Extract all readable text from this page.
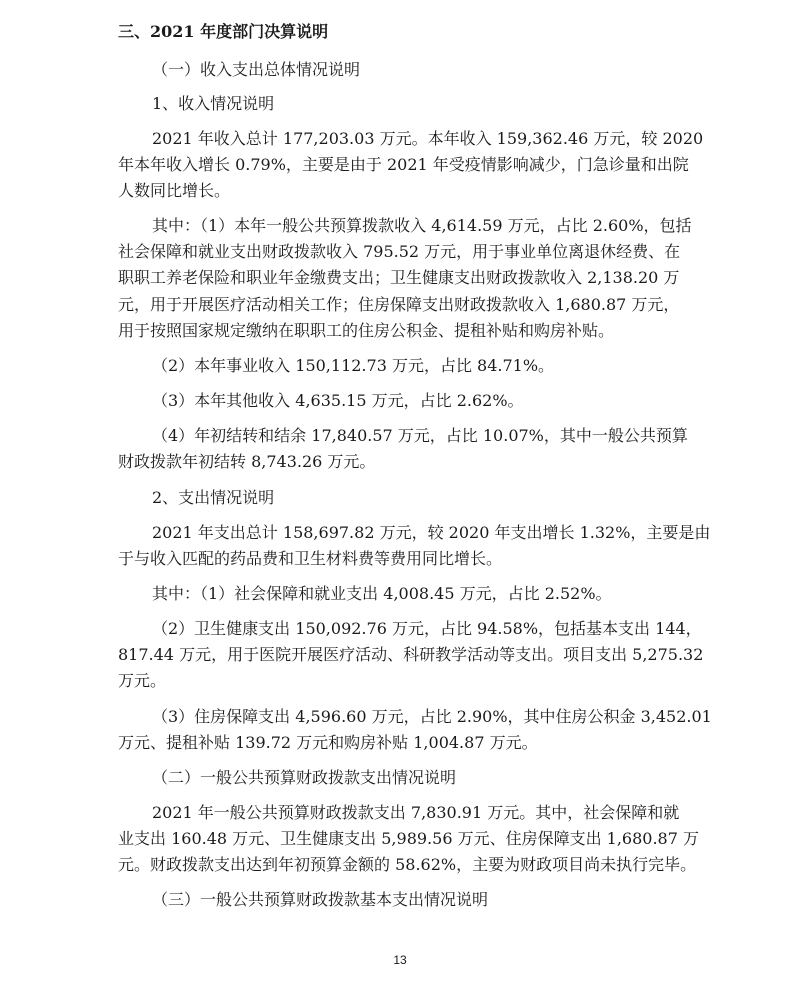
三、2021 年度部门决算说明

（一）收入支出总体情况说明

1、收入情况说明

2021 年收入总计 177,203.03 万元。本年收入 159,362.46 万元，较 2020

年本年收入增长 0.79%，主要是由于 2021 年受疫情影响减少，门急诊量和出院

人数同比增长。

其中：（1）本年一般公共预算拨款收入 4,614.59 万元，占比 2.60%，包括

社会保障和就业支出财政拨款收入 795.52 万元，用于事业单位离退休经费、在

职职工养老保险和职业年金缴费支出；卫生健康支出财政拨款收入 2,138.20 万

元，用于开展医疗活动相关工作；住房保障支出财政拨款收入 1,680.87 万元，

用于按照国家规定缴纳在职职工的住房公积金、提租补贴和购房补贴。

（2）本年事业收入 150,112.73 万元，占比 84.71%。

（3）本年其他收入 4,635.15 万元，占比 2.62%。

（4）年初结转和结余 17,840.57 万元，占比 10.07%，其中一般公共预算

财政拨款年初结转 8,743.26 万元。

2、支出情况说明

2021 年支出总计 158,697.82 万元，较 2020 年支出增长 1.32%，主要是由

于与收入匹配的药品费和卫生材料费等费用同比增长。

其中：（1）社会保障和就业支出 4,008.45 万元，占比 2.52%。

（2）卫生健康支出 150,092.76 万元，占比 94.58%，包括基本支出 144，

817.44 万元，用于医院开展医疗活动、科研教学活动等支出。项目支出 5,275.32

万元。

（3）住房保障支出 4,596.60 万元，占比 2.90%，其中住房公积金 3,452.01

万元、提租补贴 139.72 万元和购房补贴 1,004.87 万元。

（二）一般公共预算财政拨款支出情况说明

2021 年一般公共预算财政拨款支出 7,830.91 万元。其中，社会保障和就

业支出 160.48 万元、卫生健康支出 5,989.56 万元、住房保障支出 1,680.87 万

元。财政拨款支出达到年初预算金额的 58.62%，主要为财政项目尚未执行完毕。

（三）一般公共预算财政拨款基本支出情况说明

13
